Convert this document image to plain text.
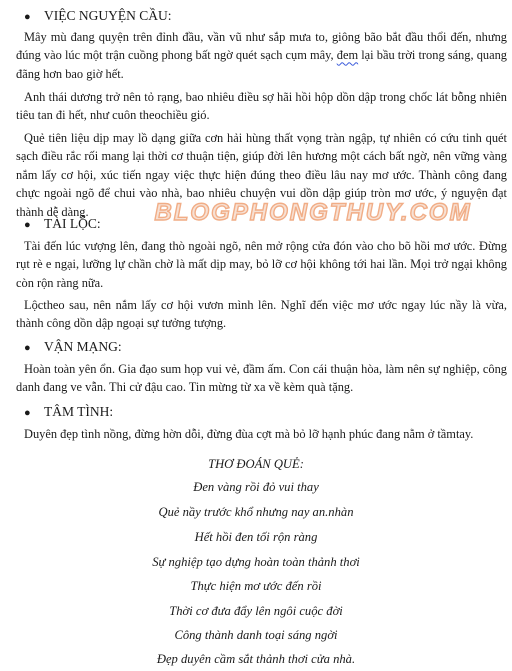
● VIỆC NGUYỆN CẦU:

Mây mù đang quyện trên đỉnh đầu, vần vũ như sắp mưa to, giông bão bắt đầu thổi đến, nhưng đúng vào lúc một trận cuồng phong bất ngờ quét sạch cụm mây, đem lại bầu trời trong sáng, quang đãng hơn bao giờ hết.

Anh thái dương trở nên tỏ rạng, bao nhiêu điều sợ hãi hồi hộp dồn dập trong chốc lát bỗng nhiên tiêu tan đi hết, như cuôn theochiều gió.

Quẻ tiên liệu dịp may lồ dạng giữa cơn hải hùng thất vọng tràn ngập, tự nhiên có cứu tinh quét sạch điều rắc rối mang lại thời cơ thuận tiện, giúp đời lên hương một cách bất ngờ, nên vững vàng nắm lấy cơ hội, xúc tiến ngay việc thực hiện đúng theo điều lâu nay mơ ước. Thành công đang chực ngoài ngõ để chui vào nhà, bao nhiêu chuyện vui dồn dập giúp tròn mơ ước, ý nguyện đạt thành dễ dàng.

● TÀI LỘC:

Tài đến lúc vượng lên, đang thò ngoài ngõ, nên mở rộng cửa đón vào cho bõ hồi mơ ước. Đừng rụt rè e ngại, lưỡng lự chần chờ là mất dịp may, bỏ lỡ cơ hội không tới hai lần. Mọi trở ngại không còn rộn ràng nữa.

Lộctheo sau, nên nắm lấy cơ hội vươn mình lên. Nghĩ đến việc mơ ước ngay lúc nầy là vừa, thành công dồn dập ngoại sự tưởng tượng.

● VẬN MẠNG:

Hoàn toàn yên ổn. Gia đạo sum họp vui vẻ, đầm ấm. Con cái thuận hòa, làm nên sự nghiệp, công danh đang ve vẫn. Thi cử đậu cao. Tin mừng từ xa về kèm quà tặng.

● TÂM TÌNH:

Duyên đẹp tình nồng, đừng hờn dỗi, đừng đùa cợt mà bỏ lỡ hạnh phúc đang nằm ở tầmtay.

THƠ ĐOÁN QUẺ:
Đen vàng rồi đỏ vui thay
Quẻ nầy trước khổ nhưng nay an.nhàn
Hết hồi đen tối rộn ràng
Sự nghiệp tạo dựng hoàn toàn thảnh thơi
Thực hiện mơ ước đến rồi
Thời cơ đưa đẩy lên ngôi cuộc đời
Công thành danh toại sáng ngời
Đẹp duyên cầm sắt thảnh thơi cửa nhà.
BLOGPHONGTHUY.COM
